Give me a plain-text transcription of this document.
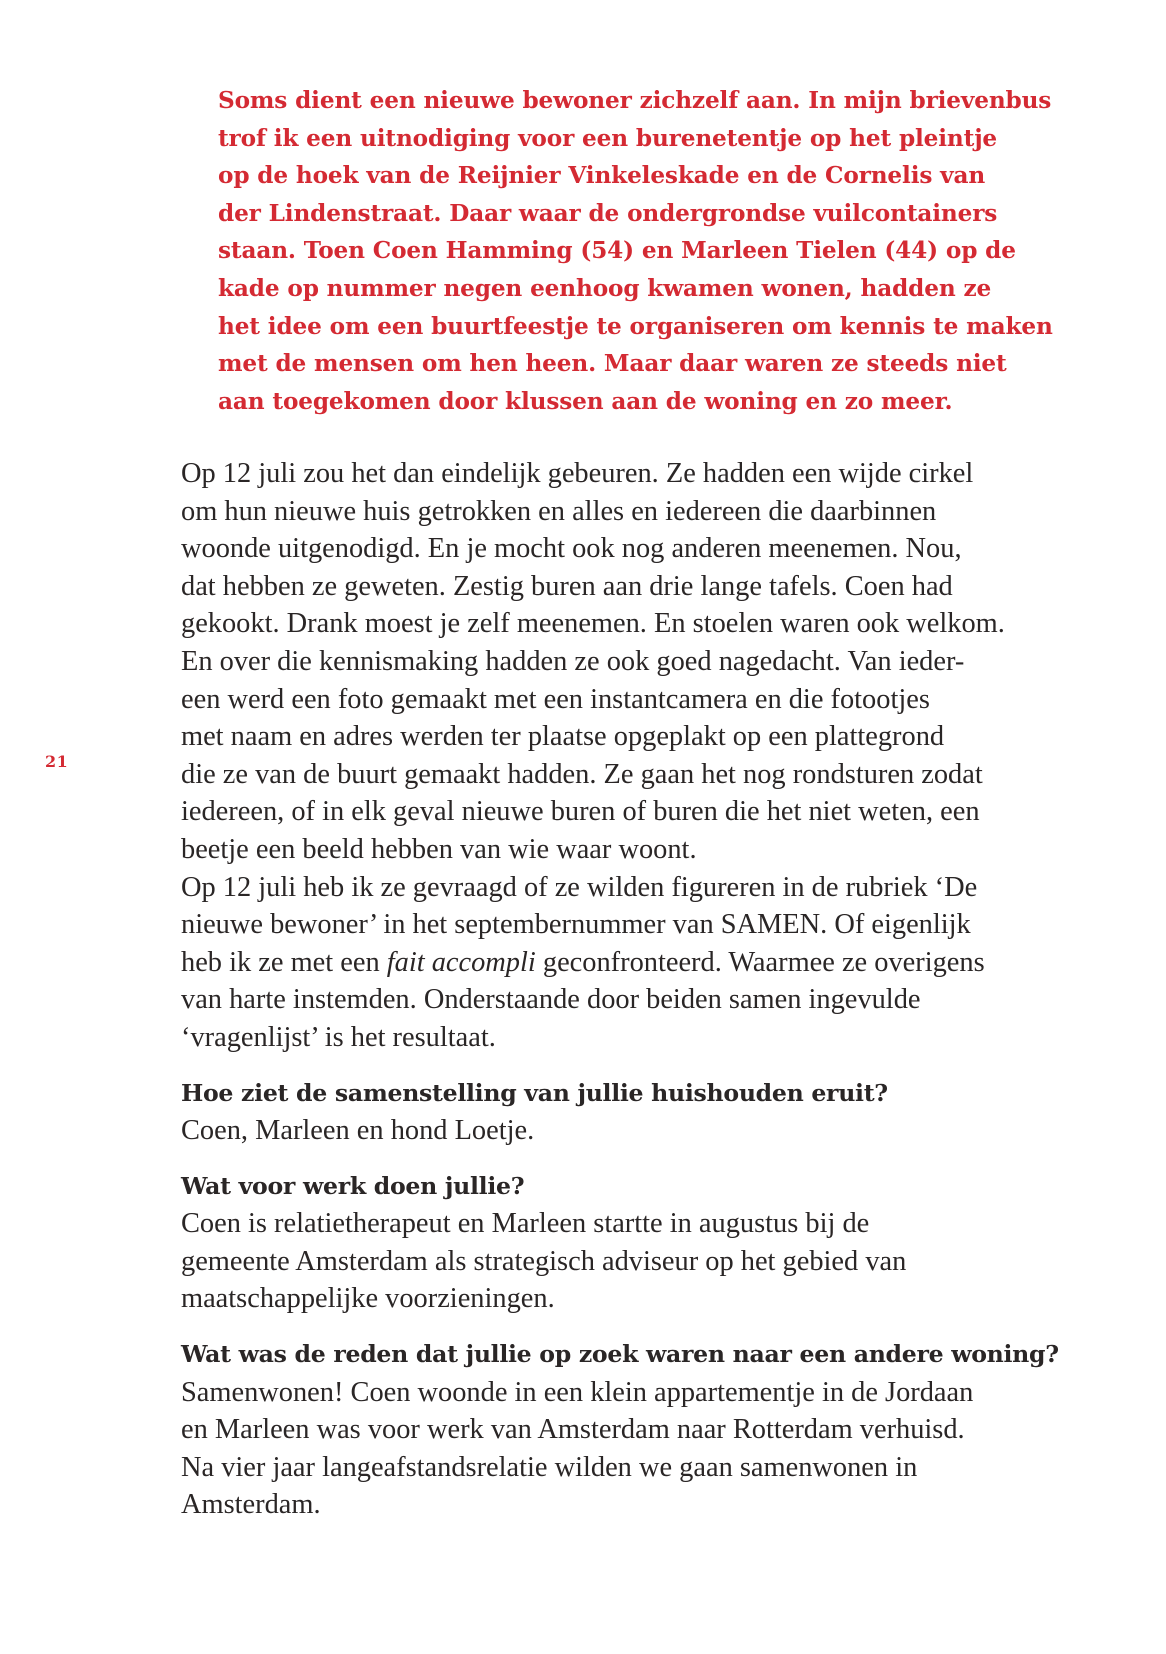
21
Soms dient een nieuwe bewoner zichzelf aan. In mijn brievenbus
trof ik een uitnodiging voor een burenetentje op het pleintje
op de hoek van de Reijnier Vinkeleskade en de Cornelis van
der Lindenstraat. Daar waar de ondergrondse vuilcontainers
staan. Toen Coen Hamming (54) en Marleen Tielen (44) op de
kade op nummer negen eenhoog kwamen wonen, hadden ze
het idee om een buurtfeestje te organiseren om kennis te maken
met de mensen om hen heen. Maar daar waren ze steeds niet
aan toegekomen door klussen aan de woning en zo meer.
Op 12 juli zou het dan eindelijk gebeuren. Ze hadden een wijde cirkel
om hun nieuwe huis getrokken en alles en iedereen die daarbinnen
woonde uitgenodigd. En je mocht ook nog anderen meenemen. Nou,
dat hebben ze geweten. Zestig buren aan drie lange tafels. Coen had
gekookt. Drank moest je zelf meenemen. En stoelen waren ook welkom.
En over die kennismaking hadden ze ook goed nagedacht. Van ieder-
een werd een foto gemaakt met een instantcamera en die fotootjes
met naam en adres werden ter plaatse opgeplakt op een plattegrond
die ze van de buurt gemaakt hadden. Ze gaan het nog rondsturen zodat
iedereen, of in elk geval nieuwe buren of buren die het niet weten, een
beetje een beeld hebben van wie waar woont.
Op 12 juli heb ik ze gevraagd of ze wilden figureren in de rubriek ‘De
nieuwe bewoner’ in het septembernummer van SAMEN. Of eigenlijk
heb ik ze met een fait accompli geconfronteerd. Waarmee ze overigens
van harte instemden. Onderstaande door beiden samen ingevulde
‘vragenlijst’ is het resultaat.
Hoe ziet de samenstelling van jullie huishouden eruit?
Coen, Marleen en hond Loetje.
Wat voor werk doen jullie?
Coen is relatietherapeut en Marleen startte in augustus bij de
gemeente Amsterdam als strategisch adviseur op het gebied van
maatschappelijke voorzieningen.
Wat was de reden dat jullie op zoek waren naar een andere woning?
Samenwonen! Coen woonde in een klein appartementje in de Jordaan
en Marleen was voor werk van Amsterdam naar Rotterdam verhuisd.
Na vier jaar langeafstandsrelatie wilden we gaan samenwonen in
Amsterdam.
